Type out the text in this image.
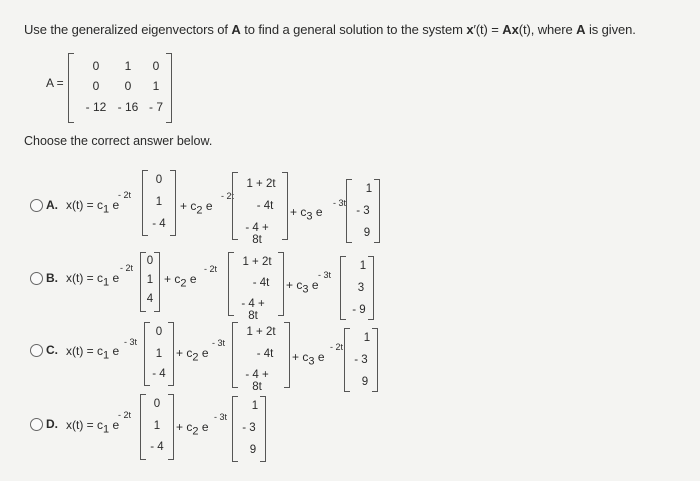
Use the generalized eigenvectors of A to find a general solution to the system x′(t) = Ax(t), where A is given.
A =
0	1	0
0	0	1
- 12 - 16 - 7
Choose the correct answer below.
A. $x(t) = c_1$ e
- 2t
0
1
- 4
+ $c_2$ e
- 2t
1 + 2t
- 4t
- 4 + 8t
+ $c_3$ e
- 3t
1
- 3
9
B. $x(t) = c_1$ e
- 2t
0
1
4
+ $c_2$ e
- 2t
1 + 2t
- 4t
- 4 + 8t
+ $c_3$ e
- 3t
1
3
- 9
C. $x(t) = c_1$ e
- 3t
0
1
- 4
+ $c_2$ e
- 3t
1 + 2t
- 4t
- 4 + 8t
+ $c_3$ e
- 2t
1
- 3
9
D. $x(t) = c_1$ e
- 2t
0
1
- 4
+ $c_2$ e
- 3t
1
- 3
9
